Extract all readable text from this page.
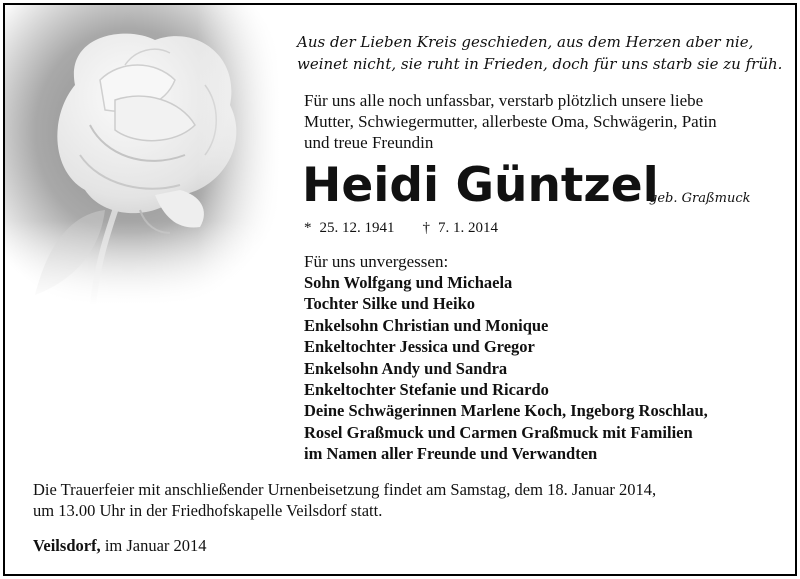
Aus der Lieben Kreis geschieden, aus dem Herzen aber nie,
weinet nicht, sie ruht in Frieden, doch für uns starb sie zu früh.
Für uns alle noch unfassbar, verstarb plötzlich unsere liebe
Mutter, Schwiegermutter, allerbeste Oma, Schwägerin, Patin
und treue Freundin
Heidi Güntzel
geb. Graßmuck
* 25. 12. 1941 † 7. 1. 2014
Für uns unvergessen:
Sohn Wolfgang und Michaela
Tochter Silke und Heiko
Enkelsohn Christian und Monique
Enkeltochter Jessica und Gregor
Enkelsohn Andy und Sandra
Enkeltochter Stefanie und Ricardo
Deine Schwägerinnen Marlene Koch, Ingeborg Roschlau,
Rosel Graßmuck und Carmen Graßmuck mit Familien
im Namen aller Freunde und Verwandten
Die Trauerfeier mit anschließender Urnenbeisetzung findet am Samstag, dem 18. Januar 2014,
um 13.00 Uhr in der Friedhofskapelle Veilsdorf statt.
Veilsdorf, im Januar 2014
